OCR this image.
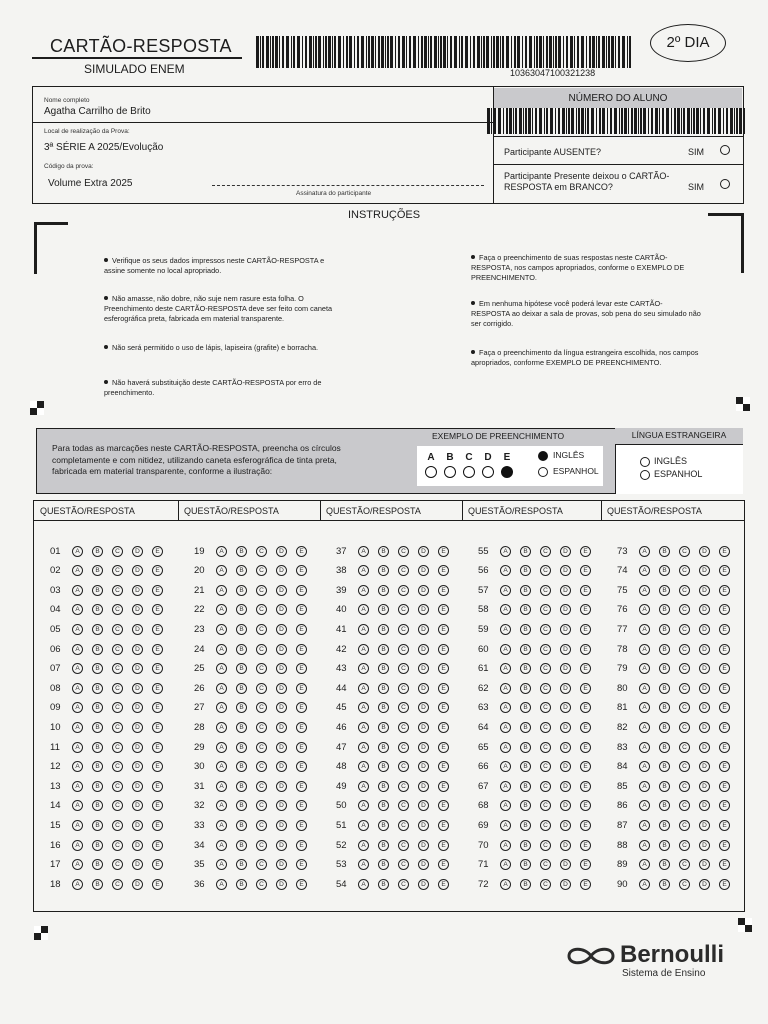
CARTÃO-RESPOSTA
SIMULADO ENEM	10363047100321238
2º DIA
Nome completo
Agatha Carrilho de Brito
Local de realização da Prova:
3ª SÉRIE A 2025/Evolução
Código da prova:
Volume Extra 2025
Assinatura do participante
NÚMERO DO ALUNO
Participante AUSENTE?	SIM
Participante Presente deixou o CARTÃO-RESPOSTA em BRANCO?	SIM
INSTRUÇÕES
Verifique os seus dados impressos neste CARTÃO-RESPOSTA e assine somente no local apropriado.
Não amasse, não dobre, não suje nem rasure esta folha. O Preenchimento deste CARTÃO-RESPOSTA deve ser feito com caneta esferográfica preta, fabricada em material transparente.
Não será permitido o uso de lápis, lapiseira (grafite) e borracha.
Não haverá substituição deste CARTÃO-RESPOSTA por erro de preenchimento.
Faça o preenchimento de suas respostas neste CARTÃO-RESPOSTA, nos campos apropriados, conforme o EXEMPLO DE PREENCHIMENTO.
Em nenhuma hipótese você poderá levar este CARTÃO-RESPOSTA ao deixar a sala de provas, sob pena do seu simulado não ser corrigido.
Faça o preenchimento da língua estrangeira escolhida, nos campos apropriados, conforme EXEMPLO DE PREENCHIMENTO.
Para todas as marcações neste CARTÃO-RESPOSTA, preencha os círculos completamente e com nitidez, utilizando caneta esferográfica de tinta preta, fabricada em material transparente, conforme a ilustração:
EXEMPLO DE PREENCHIMENTO
A	B	C	D	E	INGLÊS
ESPANHOL
LÍNGUA ESTRANGEIRA
INGLÊS
ESPANHOL
QUESTÃO/RESPOSTA
01	A	B	C	D	E
02	A	B	C	D	E
03	A	B	C	D	E
04	A	B	C	D	E
05	A	B	C	D	E
06	A	B	C	D	E
07	A	B	C	D	E
08	A	B	C	D	E
09	A	B	C	D	E
10	A	B	C	D	E
11	A	B	C	D	E
12	A	B	C	D	E
13	A	B	C	D	E
14	A	B	C	D	E
15	A	B	C	D	E
16	A	B	C	D	E
17	A	B	C	D	E
18	A	B	C	D	E
QUESTÃO/RESPOSTA
19	A	B	C	D	E
20	A	B	C	D	E
21	A	B	C	D	E
22	A	B	C	D	E
23	A	B	C	D	E
24	A	B	C	D	E
25	A	B	C	D	E
26	A	B	C	D	E
27	A	B	C	D	E
28	A	B	C	D	E
29	A	B	C	D	E
30	A	B	C	D	E
31	A	B	C	D	E
32	A	B	C	D	E
33	A	B	C	D	E
34	A	B	C	D	E
35	A	B	C	D	E
36	A	B	C	D	E
QUESTÃO/RESPOSTA
37	A	B	C	D	E
38	A	B	C	D	E
39	A	B	C	D	E
40	A	B	C	D	E
41	A	B	C	D	E
42	A	B	C	D	E
43	A	B	C	D	E
44	A	B	C	D	E
45	A	B	C	D	E
46	A	B	C	D	E
47	A	B	C	D	E
48	A	B	C	D	E
49	A	B	C	D	E
50	A	B	C	D	E
51	A	B	C	D	E
52	A	B	C	D	E
53	A	B	C	D	E
54	A	B	C	D	E
QUESTÃO/RESPOSTA
55	A	B	C	D	E
56	A	B	C	D	E
57	A	B	C	D	E
58	A	B	C	D	E
59	A	B	C	D	E
60	A	B	C	D	E
61	A	B	C	D	E
62	A	B	C	D	E
63	A	B	C	D	E
64	A	B	C	D	E
65	A	B	C	D	E
66	A	B	C	D	E
67	A	B	C	D	E
68	A	B	C	D	E
69	A	B	C	D	E
70	A	B	C	D	E
71	A	B	C	D	E
72	A	B	C	D	E
QUESTÃO/RESPOSTA
73	A	B	C	D	E
74	A	B	C	D	E
75	A	B	C	D	E
76	A	B	C	D	E
77	A	B	C	D	E
78	A	B	C	D	E
79	A	B	C	D	E
80	A	B	C	D	E
81	A	B	C	D	E
82	A	B	C	D	E
83	A	B	C	D	E
84	A	B	C	D	E
85	A	B	C	D	E
86	A	B	C	D	E
87	A	B	C	D	E
88	A	B	C	D	E
89	A	B	C	D	E
90	A	B	C	D	E
Bernoulli
Sistema de Ensino
